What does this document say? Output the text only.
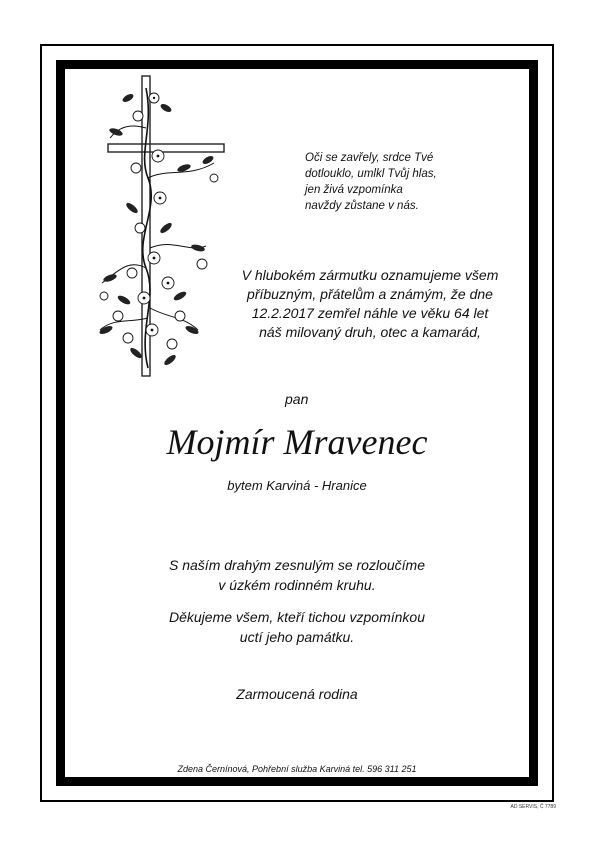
Oči se zavřely, srdce Tvé
dotlouklo, umlkl Tvůj hlas,
jen živá vzpomínka
navždy zůstane v nás.
V hlubokém zármutku oznamujeme všem
příbuzným, přátelům a známým, že dne
12.2.2017 zemřel náhle ve věku 64 let
náš milovaný druh, otec a kamarád,
pan
Mojmír Mravenec
bytem Karviná - Hranice
S naším drahým zesnulým se rozloučíme
v úzkém rodinném kruhu.
Děkujeme všem, kteří tichou vzpomínkou
uctí jeho památku.
Zarmoucená rodina
Zdena Černínová, Pohřební služba Karviná tel. 596 311 251
AD SERVIS, Č 7789
